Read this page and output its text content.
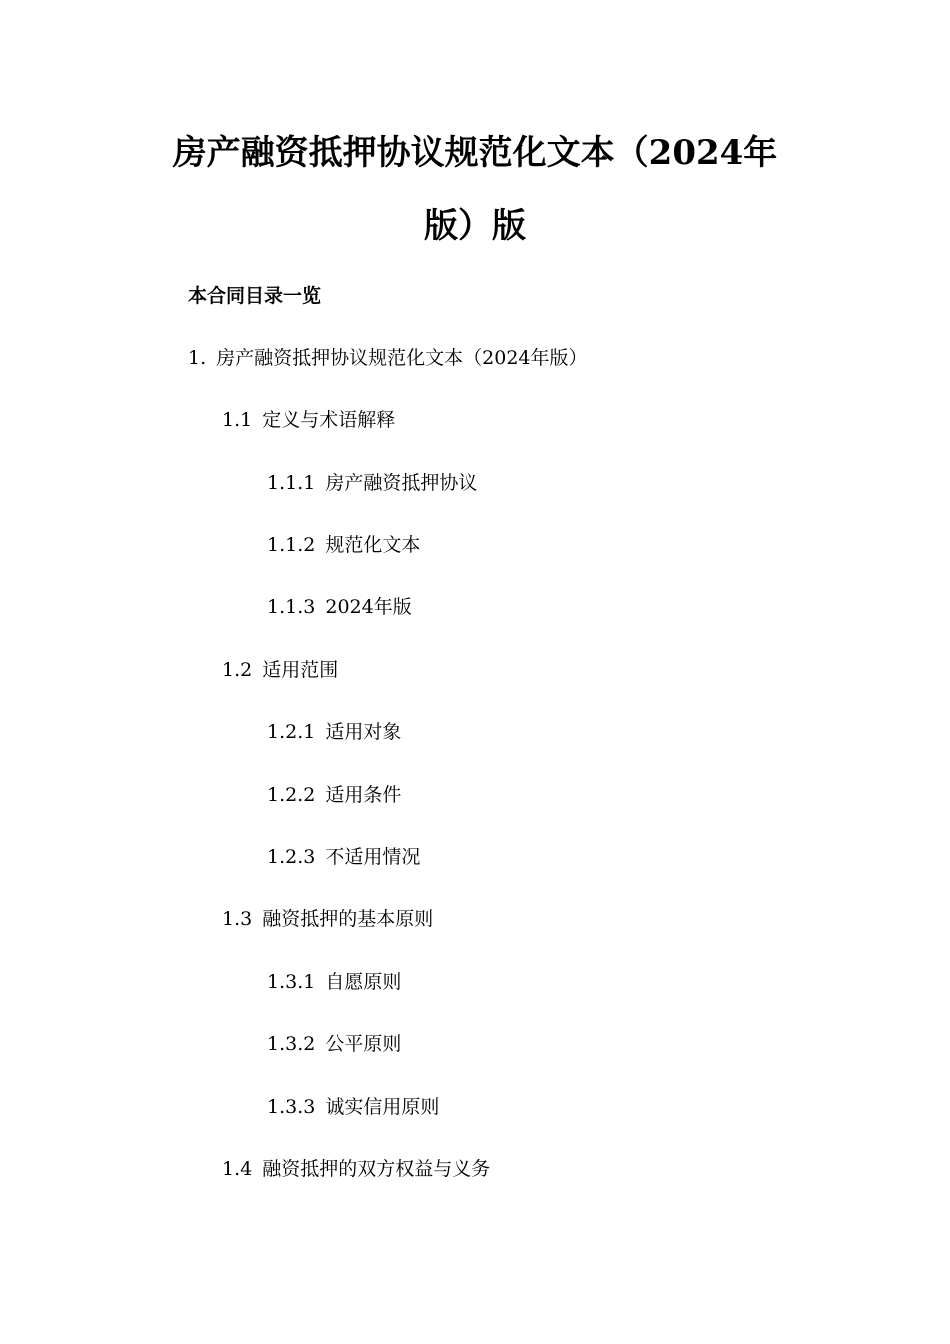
房产融资抵押协议规范化文本（2024年
版）版
本合同目录一览
1. 房产融资抵押协议规范化文本（2024年版）
1.1 定义与术语解释
1.1.1 房产融资抵押协议
1.1.2 规范化文本
1.1.3 2024年版
1.2 适用范围
1.2.1 适用对象
1.2.2 适用条件
1.2.3 不适用情况
1.3 融资抵押的基本原则
1.3.1 自愿原则
1.3.2 公平原则
1.3.3 诚实信用原则
1.4 融资抵押的双方权益与义务
